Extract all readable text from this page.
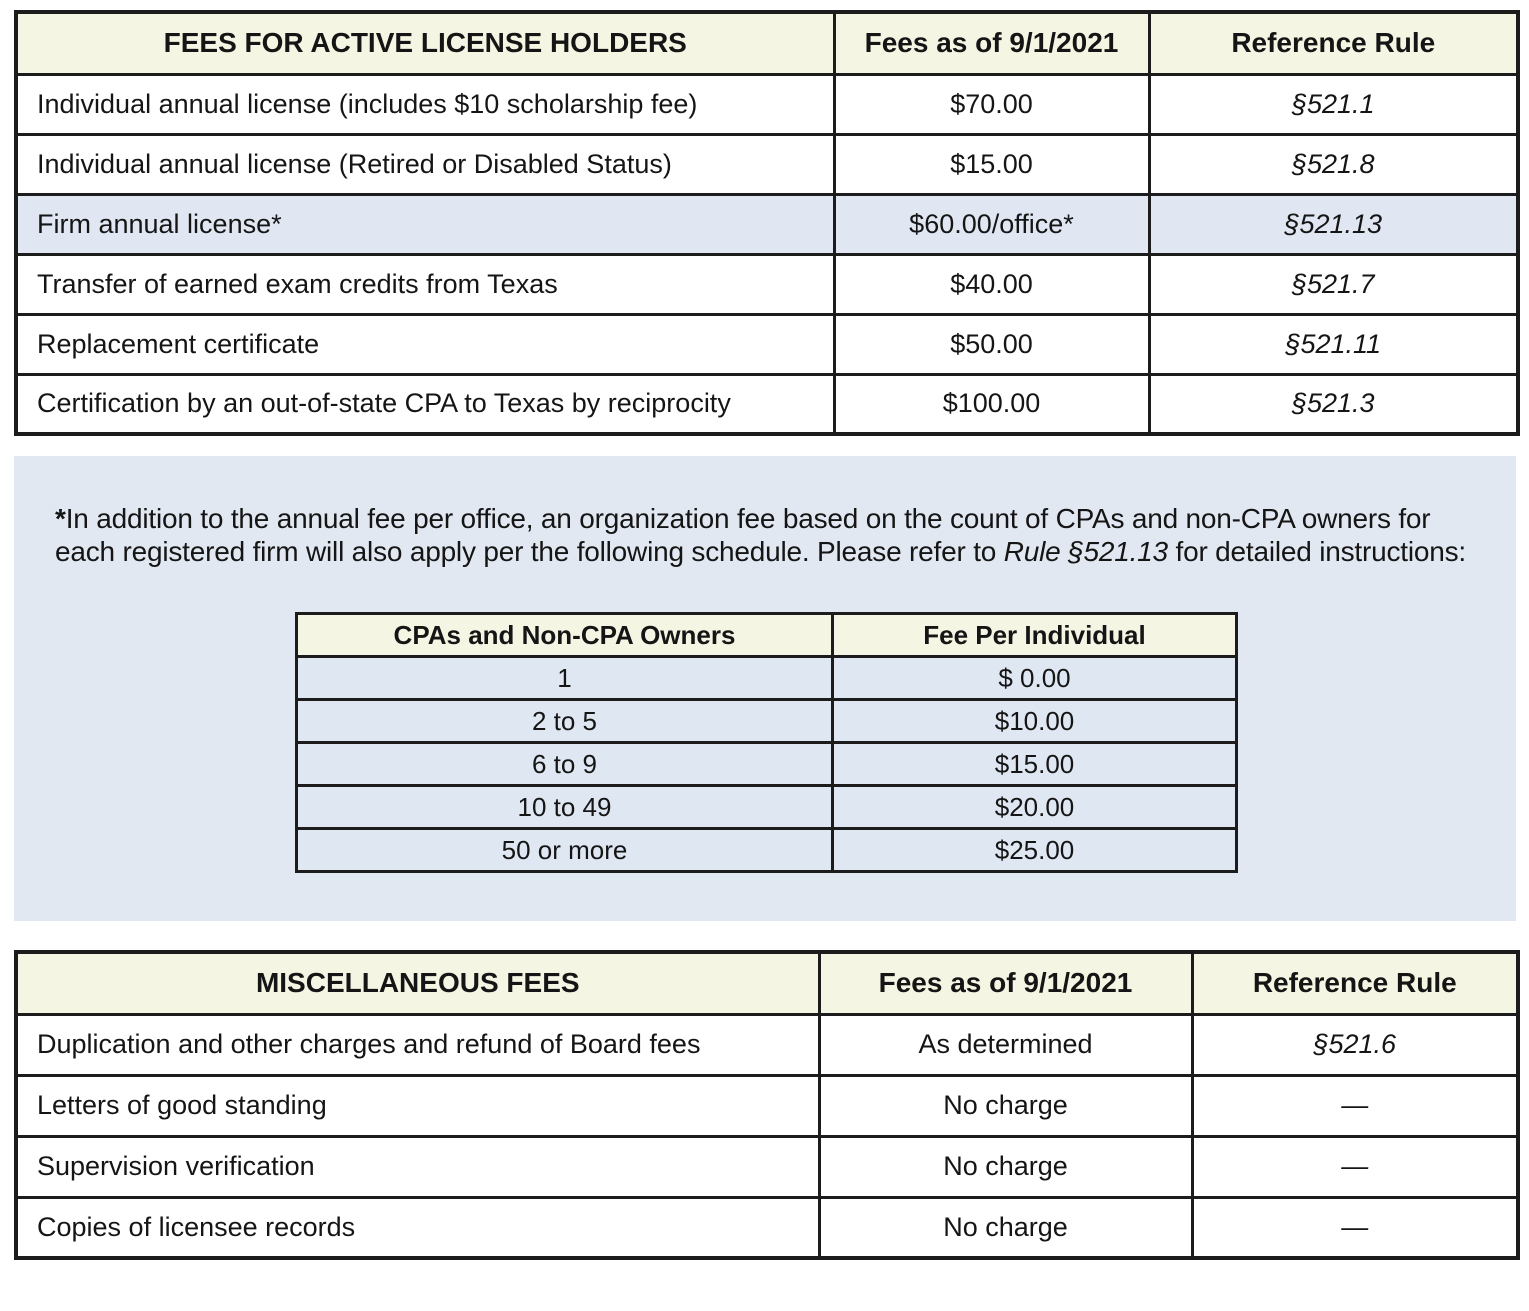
FEES FOR ACTIVE LICENSE HOLDERS	Fees as of 9/1/2021	Reference Rule
Individual annual license (includes $10 scholarship fee)	$70.00	§521.1
Individual annual license (Retired or Disabled Status)	$15.00	§521.8
Firm annual license*	$60.00/office*	§521.13
Transfer of earned exam credits from Texas	$40.00	§521.7
Replacement certificate	$50.00	§521.11
Certification by an out-of-state CPA to Texas by reciprocity	$100.00	§521.3

*In addition to the annual fee per office, an organization fee based on the count of CPAs and non-CPA owners for each registered firm will also apply per the following schedule. Please refer to Rule §521.13 for detailed instructions:

CPAs and Non-CPA Owners	Fee Per Individual
1	$ 0.00
2 to 5	$10.00
6 to 9	$15.00
10 to 49	$20.00
50 or more	$25.00
MISCELLANEOUS FEES	Fees as of 9/1/2021	Reference Rule
Duplication and other charges and refund of Board fees	As determined	§521.6
Letters of good standing	No charge	—
Supervision verification	No charge	—
Copies of licensee records	No charge	—
